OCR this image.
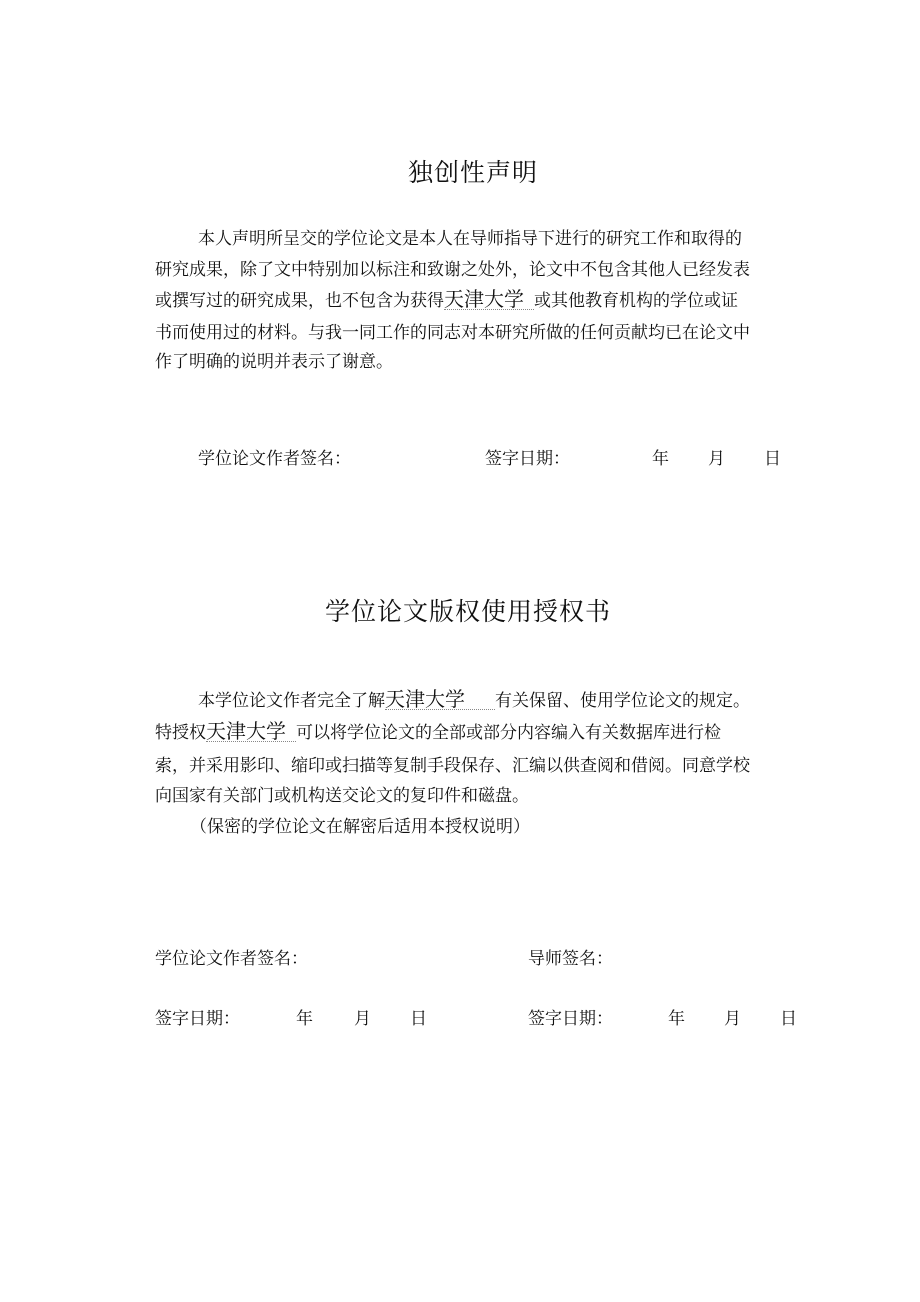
独创性声明
本人声明所呈交的学位论文是本人在导师指导下进行的研究工作和取得的
研究成果，除了文中特别加以标注和致谢之处外，论文中不包含其他人已经发表
或撰写过的研究成果，也不包含为获得天津大学 或其他教育机构的学位或证
书而使用过的材料。与我一同工作的同志对本研究所做的任何贡献均已在论文中
作了明确的说明并表示了谢意。
学位论文作者签名：	签字日期：	年 月 日
学位论文版权使用授权书
本学位论文作者完全了解天津大学 有关保留、使用学位论文的规定。
特授权天津大学 可以将学位论文的全部或部分内容编入有关数据库进行检
索，并采用影印、缩印或扫描等复制手段保存、汇编以供查阅和借阅。同意学校
向国家有关部门或机构送交论文的复印件和磁盘。
（保密的学位论文在解密后适用本授权说明）
学位论文作者签名：	导师签名：
签字日期：	年 月 日	签字日期：	年 月 日
